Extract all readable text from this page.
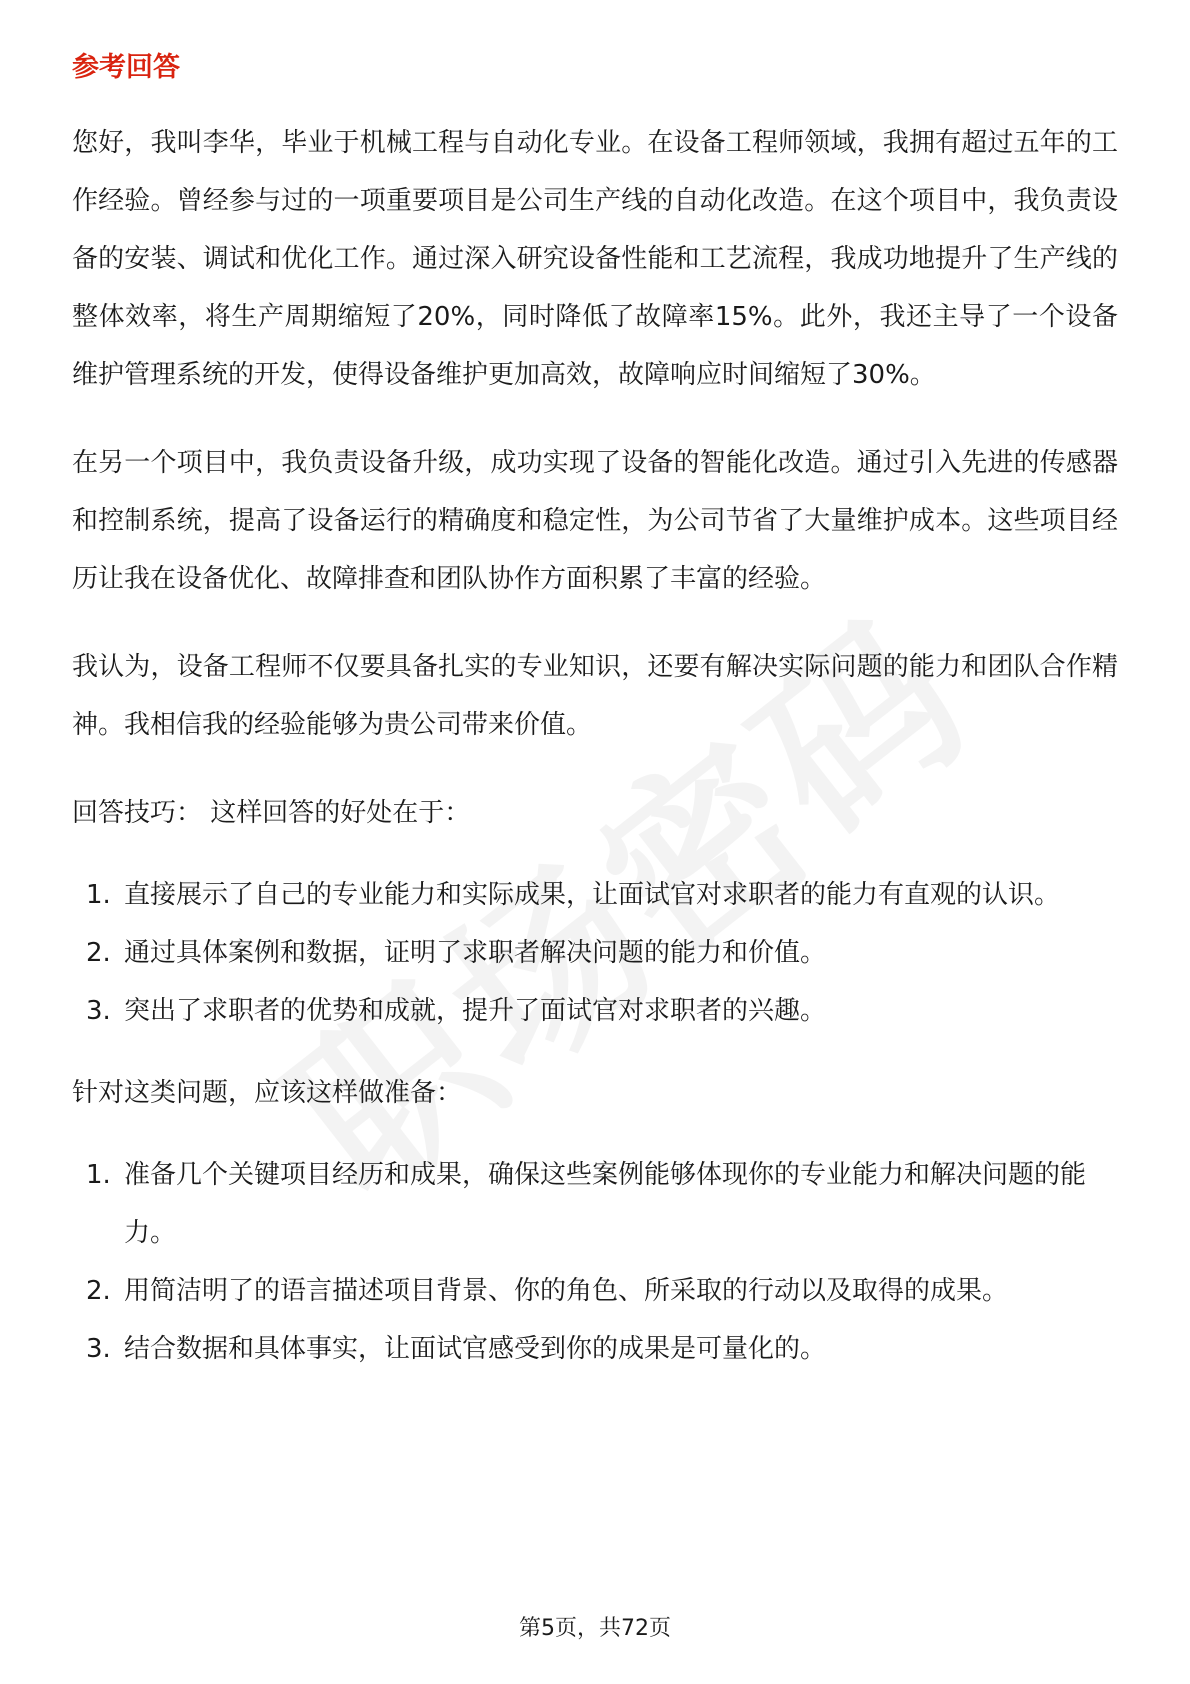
参考回答

您好，我叫李华，毕业于机械工程与自动化专业。在设备工程师领域，我拥有超过五年的工作经验。曾经参与过的一项重要项目是公司生产线的自动化改造。在这个项目中，我负责设备的安装、调试和优化工作。通过深入研究设备性能和工艺流程，我成功地提升了生产线的整体效率，将生产周期缩短了20%，同时降低了故障率15%。此外，我还主导了一个设备维护管理系统的开发，使得设备维护更加高效，故障响应时间缩短了30%。

在另一个项目中，我负责设备升级，成功实现了设备的智能化改造。通过引入先进的传感器和控制系统，提高了设备运行的精确度和稳定性，为公司节省了大量维护成本。这些项目经历让我在设备优化、故障排查和团队协作方面积累了丰富的经验。

我认为，设备工程师不仅要具备扎实的专业知识，还要有解决实际问题的能力和团队合作精神。我相信我的经验能够为贵公司带来价值。

回答技巧： 这样回答的好处在于：
1. 直接展示了自己的专业能力和实际成果，让面试官对求职者的能力有直观的认识。
2. 通过具体案例和数据，证明了求职者解决问题的能力和价值。
3. 突出了求职者的优势和成就，提升了面试官对求职者的兴趣。
针对这类问题，应该这样做准备：
1. 准备几个关键项目经历和成果，确保这些案例能够体现你的专业能力和解决问题的能力。
2. 用简洁明了的语言描述项目背景、你的角色、所采取的行动以及取得的成果。
3. 结合数据和具体事实，让面试官感受到你的成果是可量化的。
第5页，共72页
